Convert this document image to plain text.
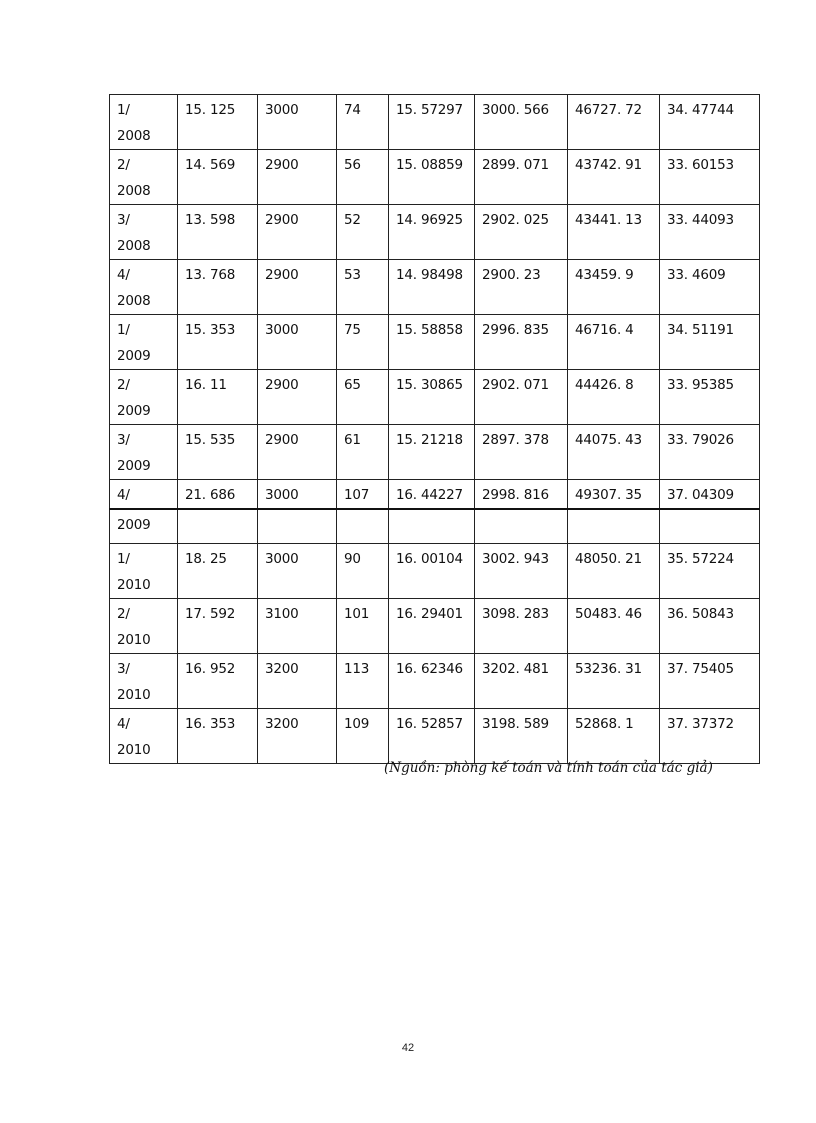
1/
2008	15. 125	3000	74	15. 57297	3000. 566	46727. 72	34. 47744

2/
2008	14. 569	2900	56	15. 08859	2899. 071	43742. 91	33. 60153

3/
2008	13. 598	2900	52	14. 96925	2902. 025	43441. 13	33. 44093

4/
2008	13. 768	2900	53	14. 98498	2900. 23	43459. 9	33. 4609

1/
2009	15. 353	3000	75	15. 58858	2996. 835	46716. 4	34. 51191

2/
2009	16. 11	2900	65	15. 30865	2902. 071	44426. 8	33. 95385

3/
2009	15. 535	2900	61	15. 21218	2897. 378	44075. 43	33. 79026
4/	21. 686	3000	107	16. 44227	2998. 816	49307. 35	37. 04309
2009							

1/
2010	18. 25	3000	90	16. 00104	3002. 943	48050. 21	35. 57224

2/
2010	17. 592	3100	101	16. 29401	3098. 283	50483. 46	36. 50843

3/
2010	16. 952	3200	113	16. 62346	3202. 481	53236. 31	37. 75405

4/
2010	16. 353	3200	109	16. 52857	3198. 589	52868. 1	37. 37372
(Nguồn: phòng kế toán và tính toán của tác giả)
42
